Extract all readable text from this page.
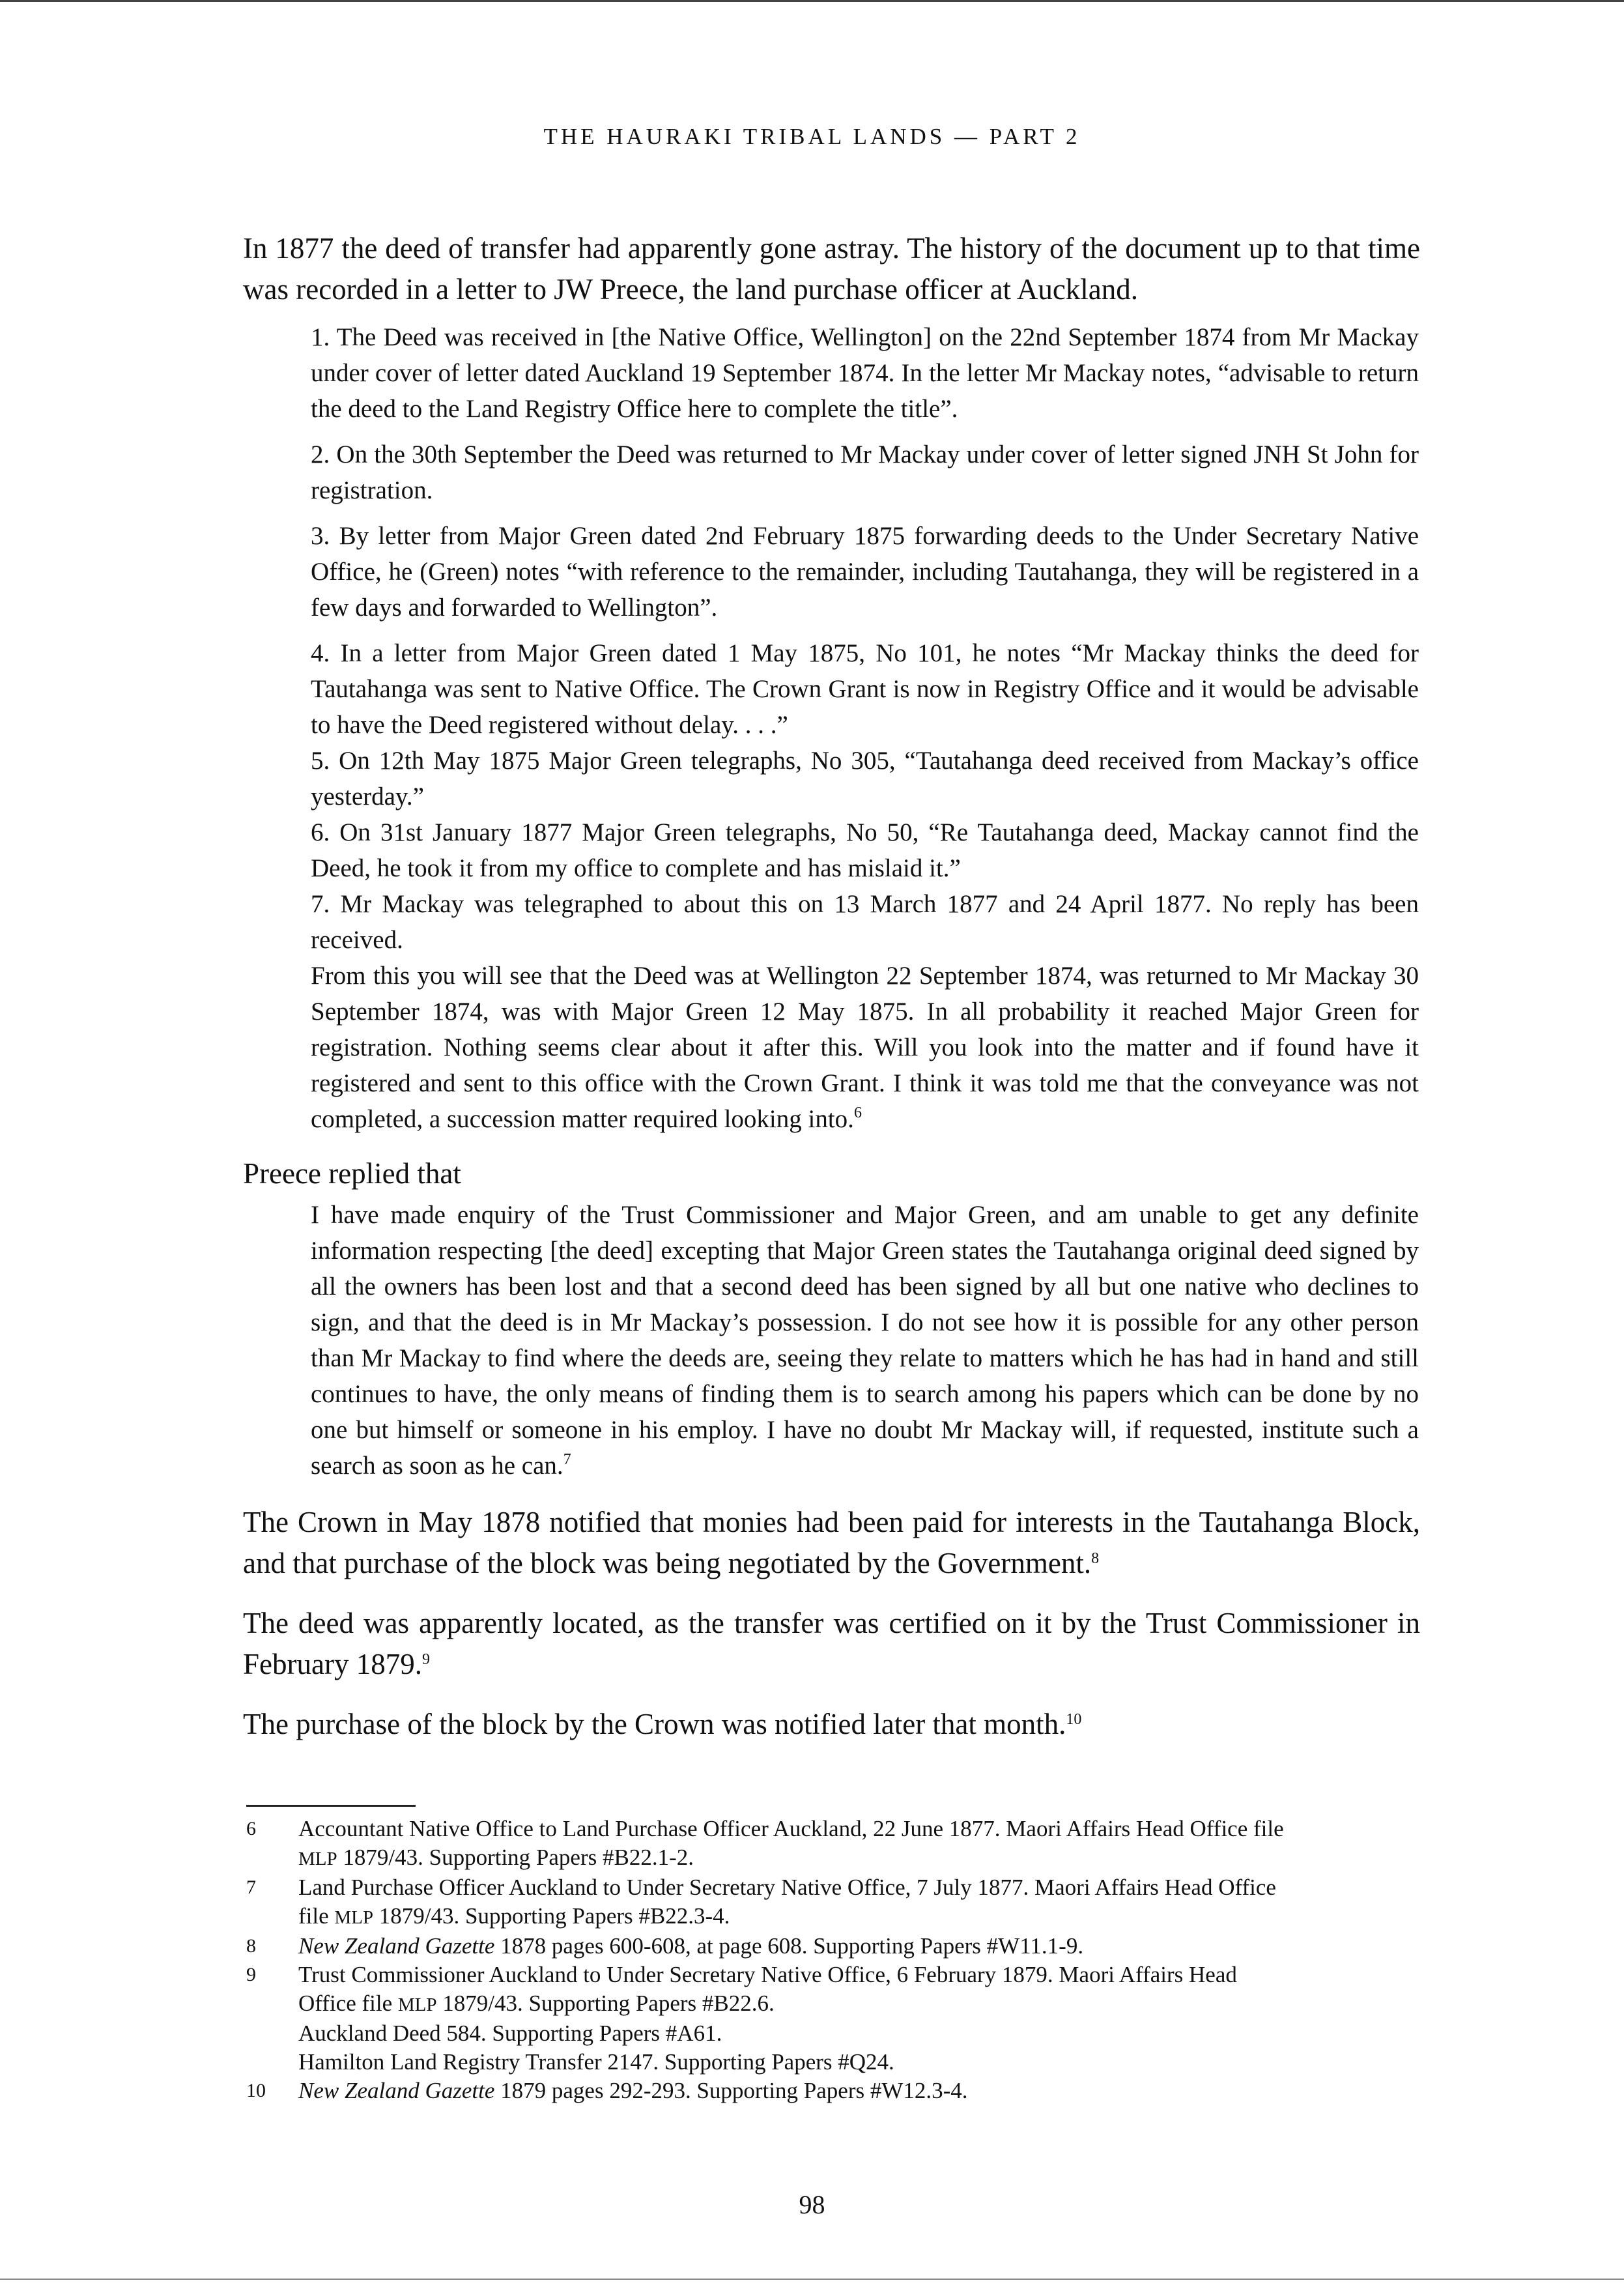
THE HAURAKI TRIBAL LANDS — PART 2

In 1877 the deed of transfer had apparently gone astray. The history of the document up to that time was recorded in a letter to JW Preece, the land purchase officer at Auckland.

1. The Deed was received in [the Native Office, Wellington] on the 22nd September 1874 from Mr Mackay under cover of letter dated Auckland 19 September 1874. In the letter Mr Mackay notes, “advisable to return the deed to the Land Registry Office here to complete the title”.

2. On the 30th September the Deed was returned to Mr Mackay under cover of letter signed JNH St John for registration.

3. By letter from Major Green dated 2nd February 1875 forwarding deeds to the Under Secretary Native Office, he (Green) notes “with reference to the remainder, including Tautahanga, they will be registered in a few days and forwarded to Wellington”.

4. In a letter from Major Green dated 1 May 1875, No 101, he notes “Mr Mackay thinks the deed for Tautahanga was sent to Native Office. The Crown Grant is now in Registry Office and it would be advisable to have the Deed registered without delay. . . .”

5. On 12th May 1875 Major Green telegraphs, No 305, “Tautahanga deed received from Mackay’s office yesterday.”

6. On 31st January 1877 Major Green telegraphs, No 50, “Re Tautahanga deed, Mackay cannot find the Deed, he took it from my office to complete and has mislaid it.”

7. Mr Mackay was telegraphed to about this on 13 March 1877 and 24 April 1877. No reply has been received.

From this you will see that the Deed was at Wellington 22 September 1874, was returned to Mr Mackay 30 September 1874, was with Major Green 12 May 1875. In all probability it reached Major Green for registration. Nothing seems clear about it after this. Will you look into the matter and if found have it registered and sent to this office with the Crown Grant. I think it was told me that the conveyance was not completed, a succession matter required looking into.$^6$

Preece replied that

I have made enquiry of the Trust Commissioner and Major Green, and am unable to get any definite information respecting [the deed] excepting that Major Green states the Tautahanga original deed signed by all the owners has been lost and that a second deed has been signed by all but one native who declines to sign, and that the deed is in Mr Mackay’s possession. I do not see how it is possible for any other person than Mr Mackay to find where the deeds are, seeing they relate to matters which he has had in hand and still continues to have, the only means of finding them is to search among his papers which can be done by no one but himself or someone in his employ. I have no doubt Mr Mackay will, if requested, institute such a search as soon as he can.$^7$

The Crown in May 1878 notified that monies had been paid for interests in the Tautahanga Block, and that purchase of the block was being negotiated by the Government.$^8$

The deed was apparently located, as the transfer was certified on it by the Trust Commissioner in February 1879.$^9$

The purchase of the block by the Crown was notified later that month.$^{10}$

6	Accountant Native Office to Land Purchase Officer Auckland, 22 June 1877. Maori Affairs Head Office file
MLP 1879/43. Supporting Papers #B22.1-2.
7	Land Purchase Officer Auckland to Under Secretary Native Office, 7 July 1877. Maori Affairs Head Office
file MLP 1879/43. Supporting Papers #B22.3-4.
8	New Zealand Gazette 1878 pages 600-608, at page 608. Supporting Papers #W11.1-9.
9	Trust Commissioner Auckland to Under Secretary Native Office, 6 February 1879. Maori Affairs Head
Office file MLP 1879/43. Supporting Papers #B22.6.
Auckland Deed 584. Supporting Papers #A61.
Hamilton Land Registry Transfer 2147. Supporting Papers #Q24.
10	New Zealand Gazette 1879 pages 292-293. Supporting Papers #W12.3-4.
98
